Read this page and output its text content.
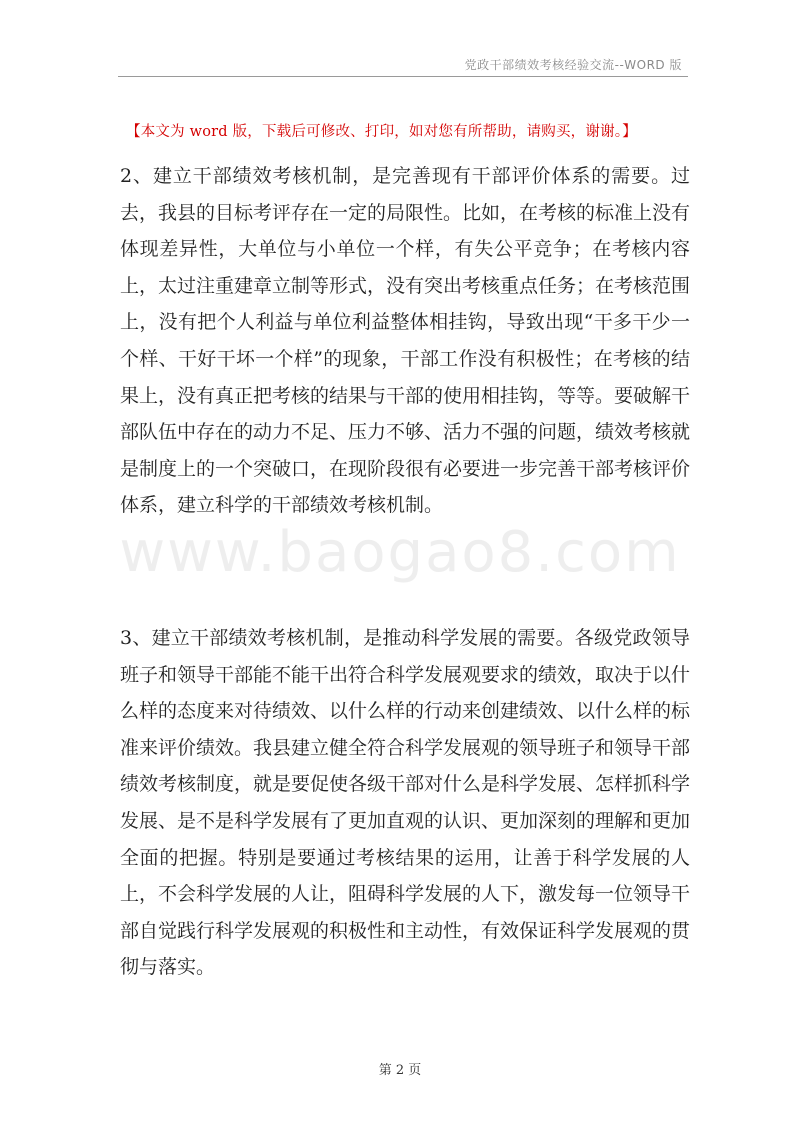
党政干部绩效考核经验交流--WORD 版
【本文为 word 版，下载后可修改、打印，如对您有所帮助，请购买，谢谢。】

2、建立干部绩效考核机制，是完善现有干部评价体系的需要。过去，我县的目标考评存在一定的局限性。比如，在考核的标准上没有体现差异性，大单位与小单位一个样，有失公平竞争；在考核内容上，太过注重建章立制等形式，没有突出考核重点任务；在考核范围上，没有把个人利益与单位利益整体相挂钩，导致出现“干多干少一个样、干好干坏一个样”的现象，干部工作没有积极性；在考核的结果上，没有真正把考核的结果与干部的使用相挂钩，等等。要破解干部队伍中存在的动力不足、压力不够、活力不强的问题，绩效考核就是制度上的一个突破口，在现阶段很有必要进一步完善干部考核评价体系，建立科学的干部绩效考核机制。

www.baogao8.com

3、建立干部绩效考核机制，是推动科学发展的需要。各级党政领导班子和领导干部能不能干出符合科学发展观要求的绩效，取决于以什么样的态度来对待绩效、以什么样的行动来创建绩效、以什么样的标准来评价绩效。我县建立健全符合科学发展观的领导班子和领导干部绩效考核制度，就是要促使各级干部对什么是科学发展、怎样抓科学发展、是不是科学发展有了更加直观的认识、更加深刻的理解和更加全面的把握。特别是要通过考核结果的运用，让善于科学发展的人上，不会科学发展的人让，阻碍科学发展的人下，激发每一位领导干部自觉践行科学发展观的积极性和主动性，有效保证科学发展观的贯彻与落实。

第 2 页
